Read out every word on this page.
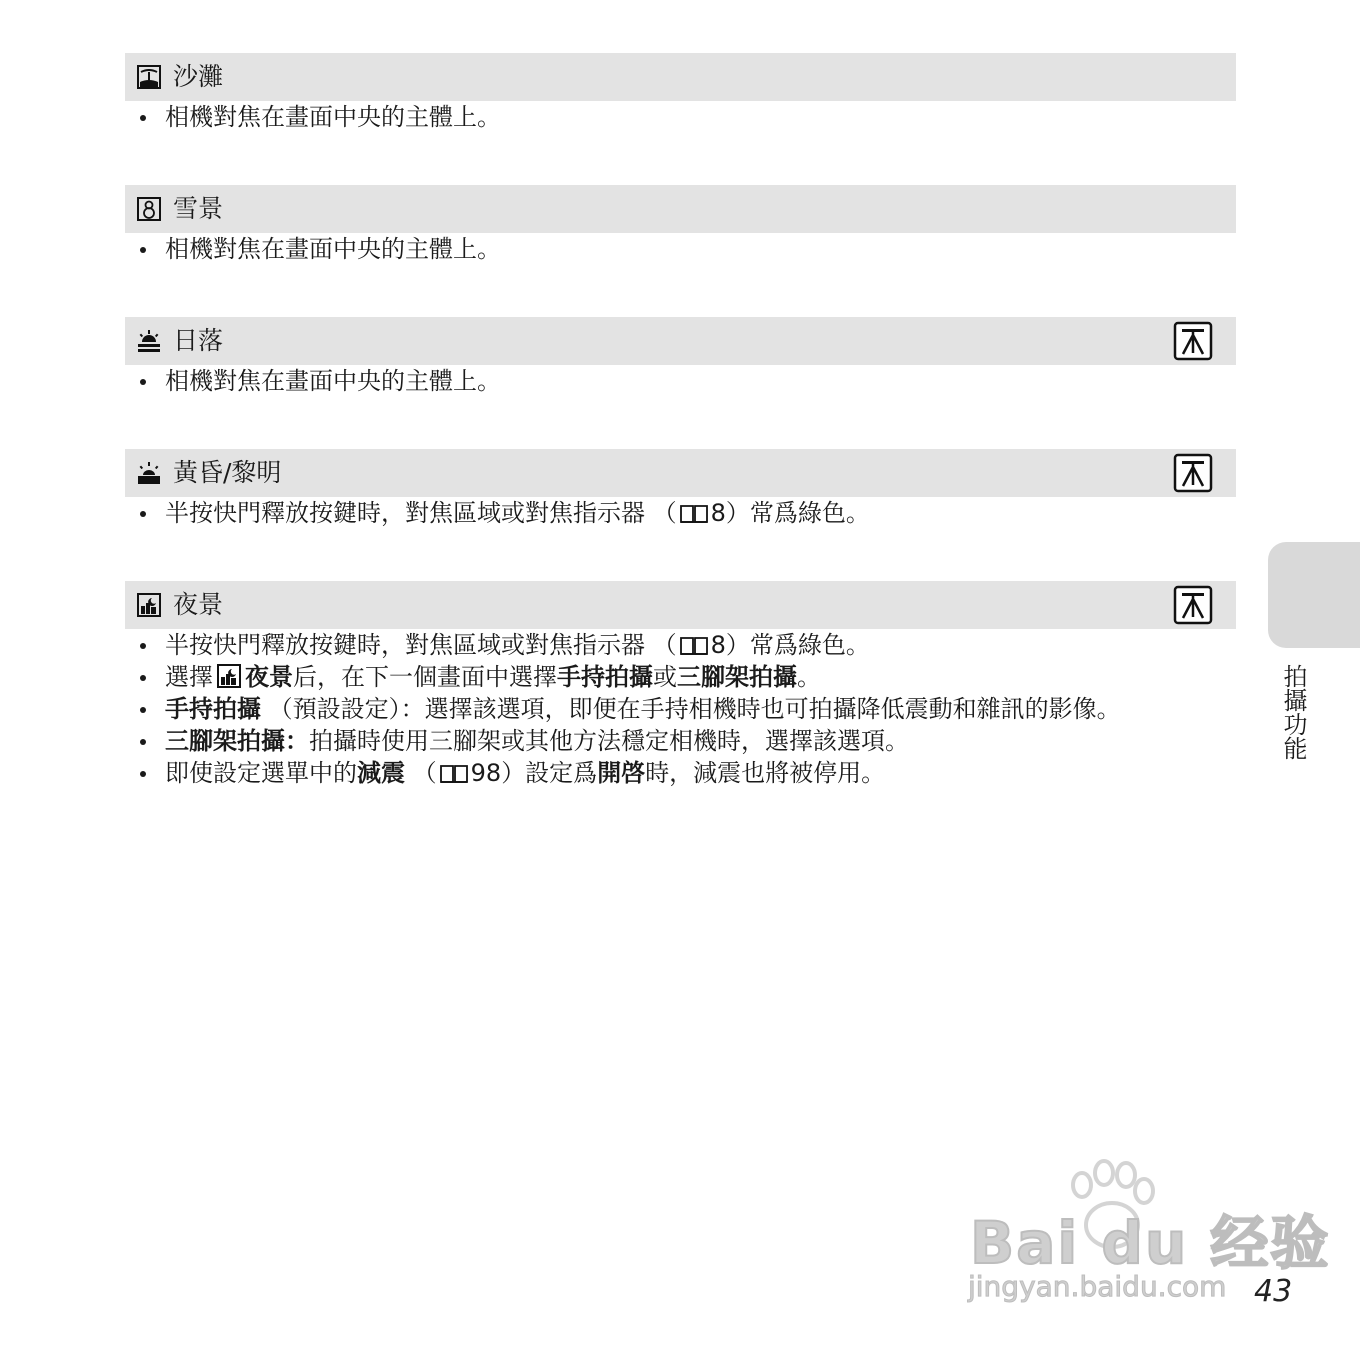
沙灘
相機對焦在畫面中央的主體上。
雪景
相機對焦在畫面中央的主體上。
日落
相機對焦在畫面中央的主體上。
黃昏/黎明
半按快門釋放按鍵時，對焦區域或對焦指示器 （ 8）常爲綠色。
夜景
半按快門釋放按鍵時，對焦區域或對焦指示器 （ 8）常爲綠色。
選擇 夜景后，在下一個畫面中選擇手持拍攝或三腳架拍攝。
手持拍攝 （預設設定）：選擇該選項，即便在手持相機時也可拍攝降低震動和雜訊的影像。
三腳架拍攝：拍攝時使用三腳架或其他方法穩定相機時，選擇該選項。
即使設定選單中的減震 （ 98）設定爲開啓時，減震也將被停用。
拍攝功能
Bai du 经验
jingyan.baidu.com 43
